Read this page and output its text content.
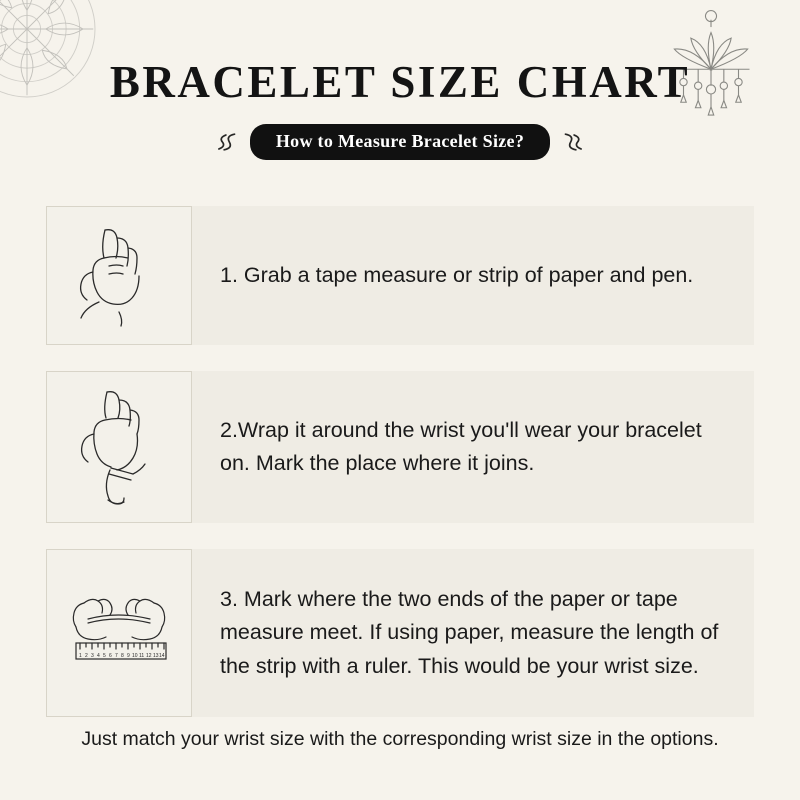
BRACELET SIZE CHART
How to Measure Bracelet Size?
1. Grab a tape measure or strip of paper and pen.
2.Wrap it around the wrist you'll wear your bracelet on. Mark the place where it joins.
1 2 3 4 5 6 7 8 9 10 11 12 13 14
3. Mark where the two ends of the paper or tape measure meet. If using paper, measure the length of the strip with a ruler. This would be your wrist size.
Just match your wrist size with the corresponding wrist size in the options.
